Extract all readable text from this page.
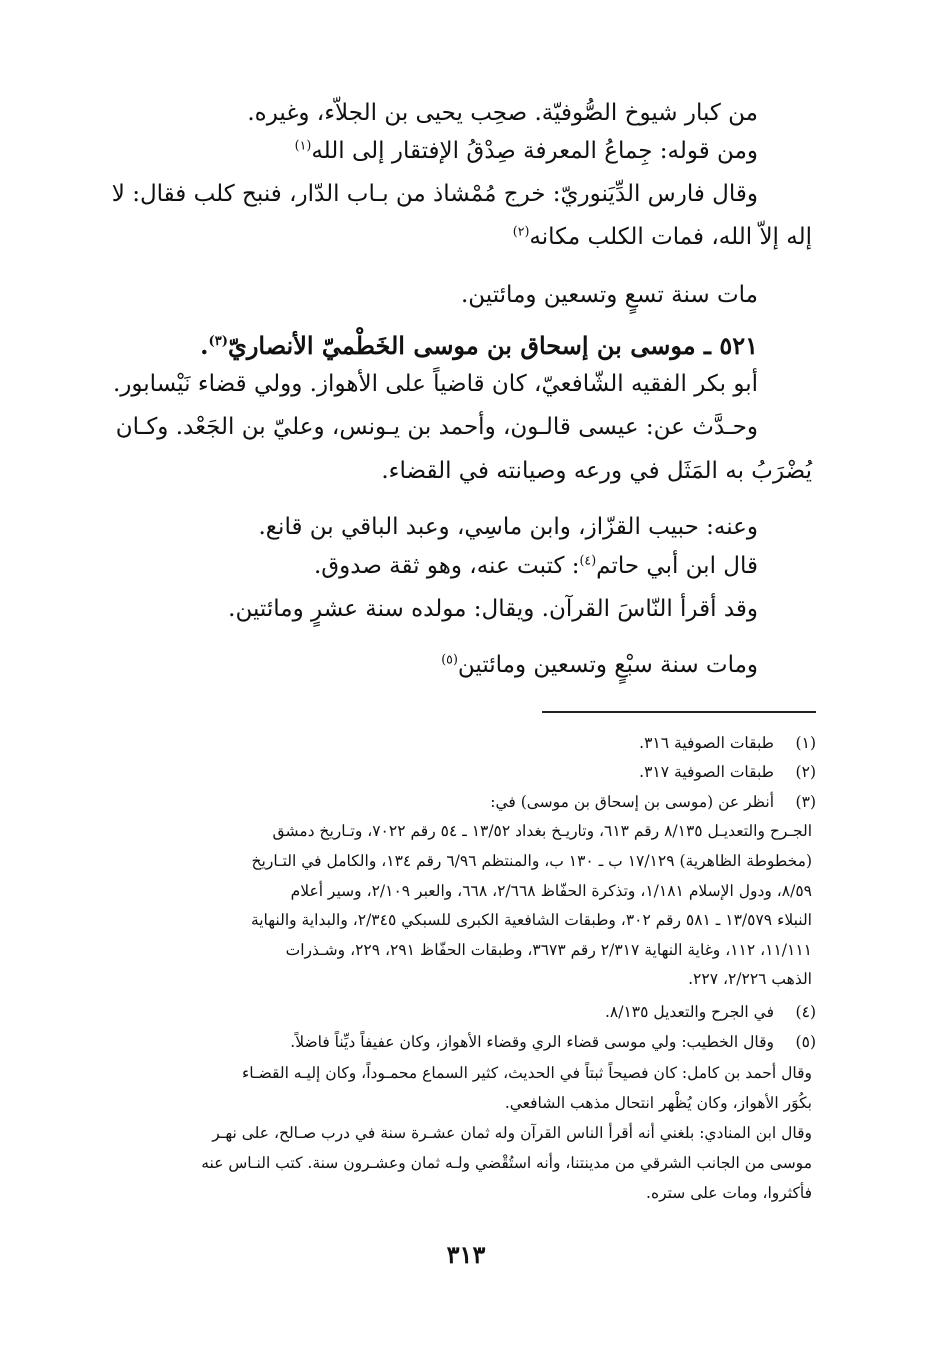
من كبار شيوخ الصُّوفيّة. صحِب يحيى بن الجلاّء، وغيره.
ومن قوله: جِماعُ المعرفة صِدْقُ الإفتقار إلى الله$^{(١)}$
وقال فارس الدِّيَنوريّ: خرج مُمْشاذ من بـاب الدّار، فنبح كلب فقال: لا
إله إلاّ الله، فمات الكلب مكانه$^{(٢)}$
مات سنة تسعٍ وتسعين ومائتين.
٥٢١ ـ موسى بن إسحاق بن موسى الخَطْميّ الأنصاريّ$^{(٣)}$.
أبو بكر الفقيه الشّافعيّ، كان قاضياً على الأهواز. وولي قضاء نَيْسابور.
وحـدَّث عن: عيسى قالـون، وأحمد بن يـونس، وعليّ بن الجَعْد. وكـان
يُضْرَبُ به المَثَل في ورعه وصيانته في القضاء.
وعنه: حبيب القزّاز، وابن ماسِي، وعبد الباقي بن قانع.
قال ابن أبي حاتم$^{(٤)}$: كتبت عنه، وهو ثقة صدوق.
وقد أقرأ النّاسَ القرآن. ويقال: مولده سنة عشرٍ ومائتين.
ومات سنة سبْعٍ وتسعين ومائتين$^{(٥)}$
(١)
طبقات الصوفية ٣١٦.
(٢)
طبقات الصوفية ٣١٧.
(٣)
أنظر عن (موسى بن إسحاق بن موسى) في:
الجـرح والتعديـل ٨/١٣٥ رقم ٦١٣، وتاريـخ بغداد ١٣/٥٢ ـ ٥٤ رقم ٧٠٢٢، وتـاريخ دمشق
(مخطوطة الظاهرية) ١٧/١٢٩ ب ـ ١٣٠ ب، والمنتظم ٦/٩٦ رقم ١٣٤، والكامل في التـاريخ
٨/٥٩، ودول الإسلام ١/١٨١، وتذكرة الحفّاظ ٢/٦٦٨، ٦٦٨، والعبر ٢/١٠٩، وسير أعلام
النبلاء ١٣/٥٧٩ ـ ٥٨١ رقم ٣٠٢، وطبقات الشافعية الكبرى للسبكي ٢/٣٤٥، والبداية والنهاية
١١/١١١، ١١٢، وغاية النهاية ٢/٣١٧ رقم ٣٦٧٣، وطبقات الحفّاظ ٢٩١، ٢٢٩، وشـذرات
الذهب ٢/٢٢٦، ٢٢٧.
(٤)
في الجرح والتعديل ٨/١٣٥.
(٥)
وقال الخطيب: ولي موسى قضاء الري وقضاء الأهواز، وكان عفيفاً ديِّناً فاضلاً.
وقال أحمد بن كامل: كان فصيحاً ثبتاً في الحديث، كثير السماع محمـوداً، وكان إليـه القضـاء
بكُوَر الأهواز، وكان يُظْهر انتحال مذهب الشافعي.
وقال ابن المنادي: بلغني أنه أقرأ الناس القرآن وله ثمان عشـرة سنة في درب صـالح، على نهـر
موسى من الجانب الشرقي من مدينتنا، وأنه استُقْضي ولـه ثمان وعشـرون سنة. كتب النـاس عنه
فأكثروا، ومات على ستره.
٣١٣
